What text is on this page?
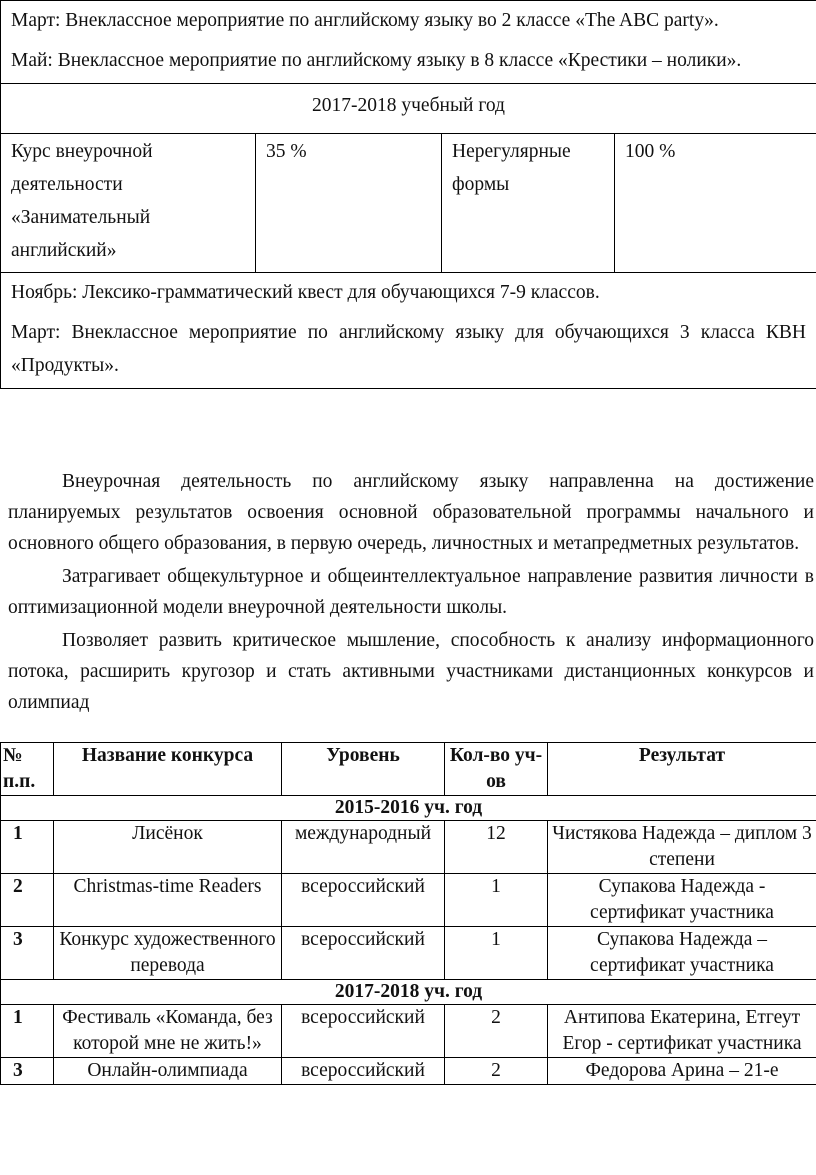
Март: Внеклассное мероприятие по английскому языку во 2 классе «The ABC party».

Май: Внеклассное мероприятие по английскому языку в 8 классе «Крестики – нолики».

2017-2018 учебный год
Курс внеурочной деятельности «Занимательный английский»	35 %	Нерегулярные формы	100 %

Ноябрь: Лексико-грамматический квест для обучающихся 7-9 классов.

Март: Внеклассное мероприятие по английскому языку для обучающихся 3 класса КВН «Продукты».

Внеурочная деятельность по английскому языку направленна на достижение планируемых результатов освоения основной образовательной программы начального и основного общего образования, в первую очередь, личностных и метапредметных результатов.

Затрагивает общекультурное и общеинтеллектуальное направление развития личности в оптимизационной модели внеурочной деятельности школы.

Позволяет развить критическое мышление, способность к анализу информационного потока, расширить кругозор и стать активными участниками дистанционных конкурсов и олимпиад

№ п.п.	Название конкурса	Уровень	Кол-во уч-ов	Результат
2015-2016 уч. год				
1	Лисёнок	международный	12	Чистякова Надежда – диплом 3 степени
2	Christmas-time Readers	всероссийский	1	Супакова Надежда - сертификат участника
3	Конкурс художественного перевода	всероссийский	1	Супакова Надежда – сертификат участника
2017-2018 уч. год				
1	Фестиваль «Команда, без которой мне не жить!»	всероссийский	2	Антипова Екатерина, Етгеут Егор - сертификат участника
3	Онлайн-олимпиада	всероссийский	2	Федорова Арина – 21-е
